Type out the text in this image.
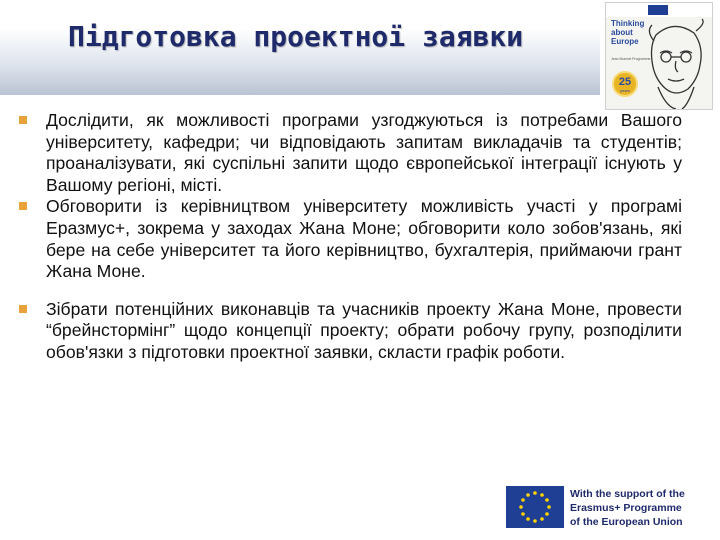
Підготовка проектної заявки	Thinking about Europe
Jean Monnet Programme
25
years

Дослідити, як можливості програми узгоджуються із потребами Вашого університету, кафедри; чи відповідають запитам викладачів та студентів; проаналізувати, які суспільні запити щодо європейської інтеграції існують у Вашому регіоні, місті.

Обговорити із керівництвом університету можливість участі у програмі Еразмус+, зокрема у заходах Жана Моне; обговорити коло зобов'язань, які бере на себе університет та його керівництво, бухгалтерія, приймаючи грант Жана Моне.

Зібрати потенційних виконавців та учасників проекту Жана Моне, провести “брейнстормінг” щодо концепції проекту; обрати робочу групу, розподілити обов'язки з підготовки проектної заявки, скласти графік роботи.

With the support of the
Erasmus+ Programme
of the European Union
